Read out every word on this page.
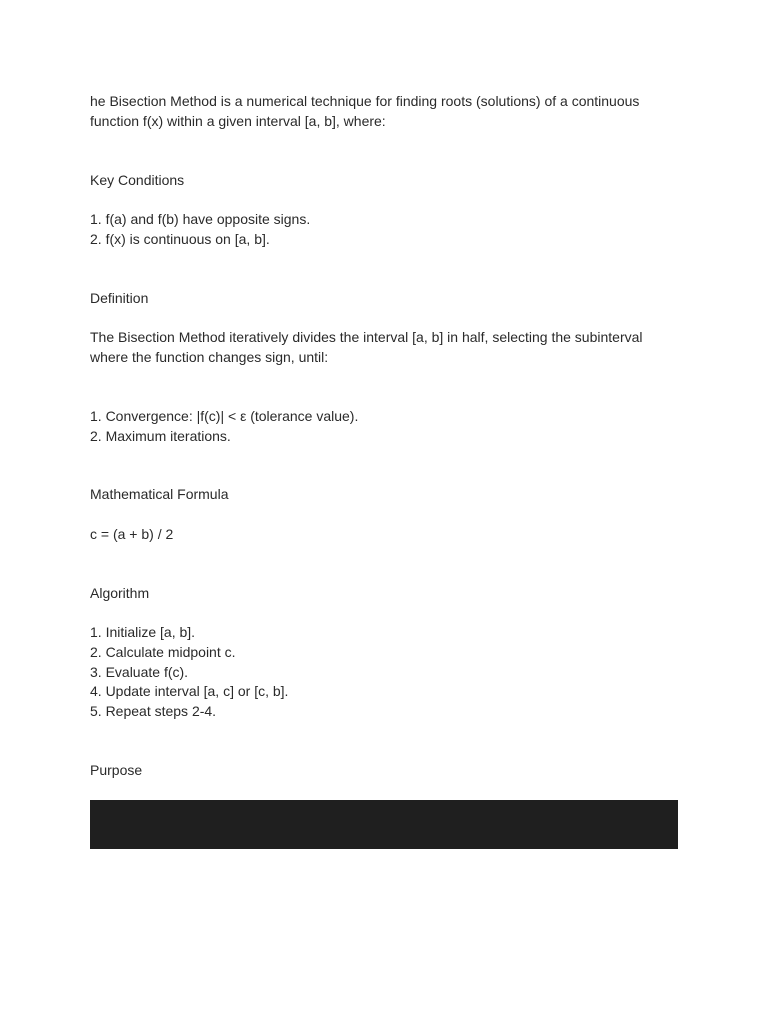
he Bisection Method is a numerical technique for finding roots (solutions) of a continuous function f(x) within a given interval [a, b], where:
Key Conditions
1. f(a) and f(b) have opposite signs.
2. f(x) is continuous on [a, b].
Definition
The Bisection Method iteratively divides the interval [a, b] in half, selecting the subinterval where the function changes sign, until:
1. Convergence: |f(c)| < ε (tolerance value).
2. Maximum iterations.
Mathematical Formula
c = (a + b) / 2
Algorithm
1. Initialize [a, b].
2. Calculate midpoint c.
3. Evaluate f(c).
4. Update interval [a, c] or [c, b].
5. Repeat steps 2-4.
Purpose
